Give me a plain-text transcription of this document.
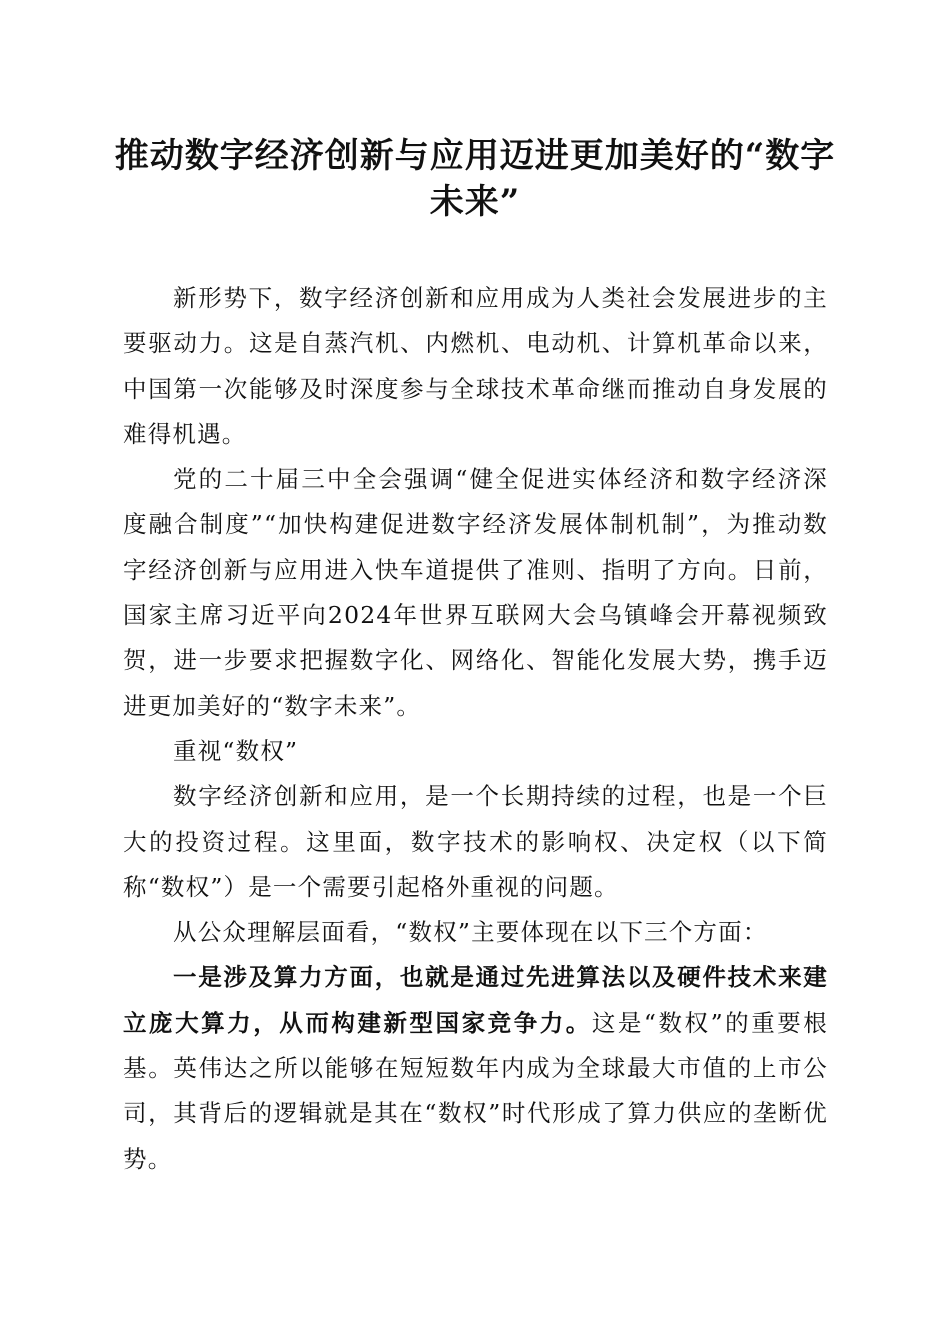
推动数字经济创新与应用迈进更加美好的“数字未来”

新形势下，数字经济创新和应用成为人类社会发展进步的主要驱动力。这是自蒸汽机、内燃机、电动机、计算机革命以来，中国第一次能够及时深度参与全球技术革命继而推动自身发展的难得机遇。

党的二十届三中全会强调“健全促进实体经济和数字经济深度融合制度”“加快构建促进数字经济发展体制机制”，为推动数字经济创新与应用进入快车道提供了准则、指明了方向。日前，国家主席习近平向2024年世界互联网大会乌镇峰会开幕视频致贺，进一步要求把握数字化、网络化、智能化发展大势，携手迈进更加美好的“数字未来”。

重视“数权”

数字经济创新和应用，是一个长期持续的过程，也是一个巨大的投资过程。这里面，数字技术的影响权、决定权（以下简称“数权”）是一个需要引起格外重视的问题。

从公众理解层面看，“数权”主要体现在以下三个方面：

一是涉及算力方面，也就是通过先进算法以及硬件技术来建立庞大算力，从而构建新型国家竞争力。这是“数权”的重要根基。英伟达之所以能够在短短数年内成为全球最大市值的上市公司，其背后的逻辑就是其在“数权”时代形成了算力供应的垄断优势。
